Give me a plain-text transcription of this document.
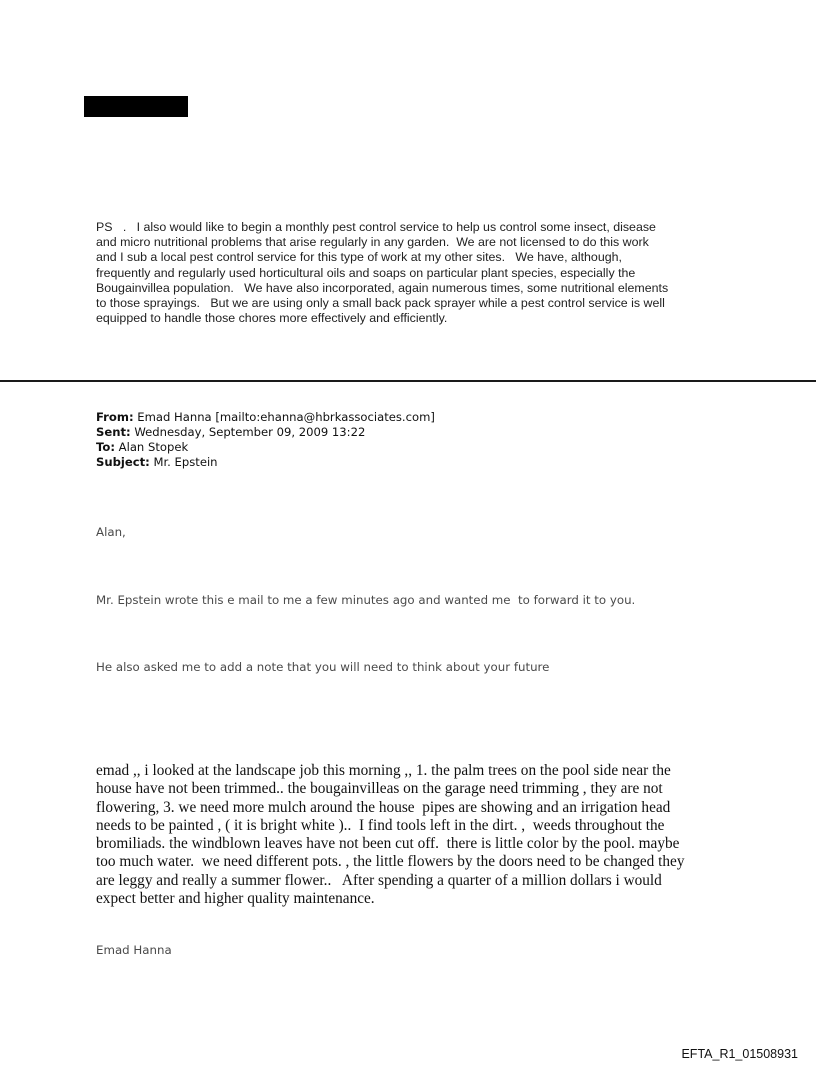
PS   .   I also would like to begin a monthly pest control service to help us control some insect, disease
and micro nutritional problems that arise regularly in any garden.  We are not licensed to do this work
and I sub a local pest control service for this type of work at my other sites.   We have, although,
frequently and regularly used horticultural oils and soaps on particular plant species, especially the
Bougainvillea population.   We have also incorporated, again numerous times, some nutritional elements
to those sprayings.   But we are using only a small back pack sprayer while a pest control service is well
equipped to handle those chores more effectively and efficiently.
From: Emad Hanna [mailto:ehanna@hbrkassociates.com]
Sent: Wednesday, September 09, 2009 13:22
To: Alan Stopek
Subject: Mr. Epstein
Alan,
Mr. Epstein wrote this e mail to me a few minutes ago and wanted me  to forward it to you.
He also asked me to add a note that you will need to think about your future
emad ,, i looked at the landscape job this morning ,, 1. the palm trees on the pool side near the
house have not been trimmed.. the bougainvilleas on the garage need trimming , they are not
flowering, 3. we need more mulch around the house  pipes are showing and an irrigation head
needs to be painted , ( it is bright white )..  I find tools left in the dirt. ,  weeds throughout the
bromiliads. the windblown leaves have not been cut off.  there is little color by the pool. maybe
too much water.  we need different pots. , the little flowers by the doors need to be changed they
are leggy and really a summer flower..   After spending a quarter of a million dollars i would
expect better and higher quality maintenance.
Emad Hanna
EFTA_R1_01508931
